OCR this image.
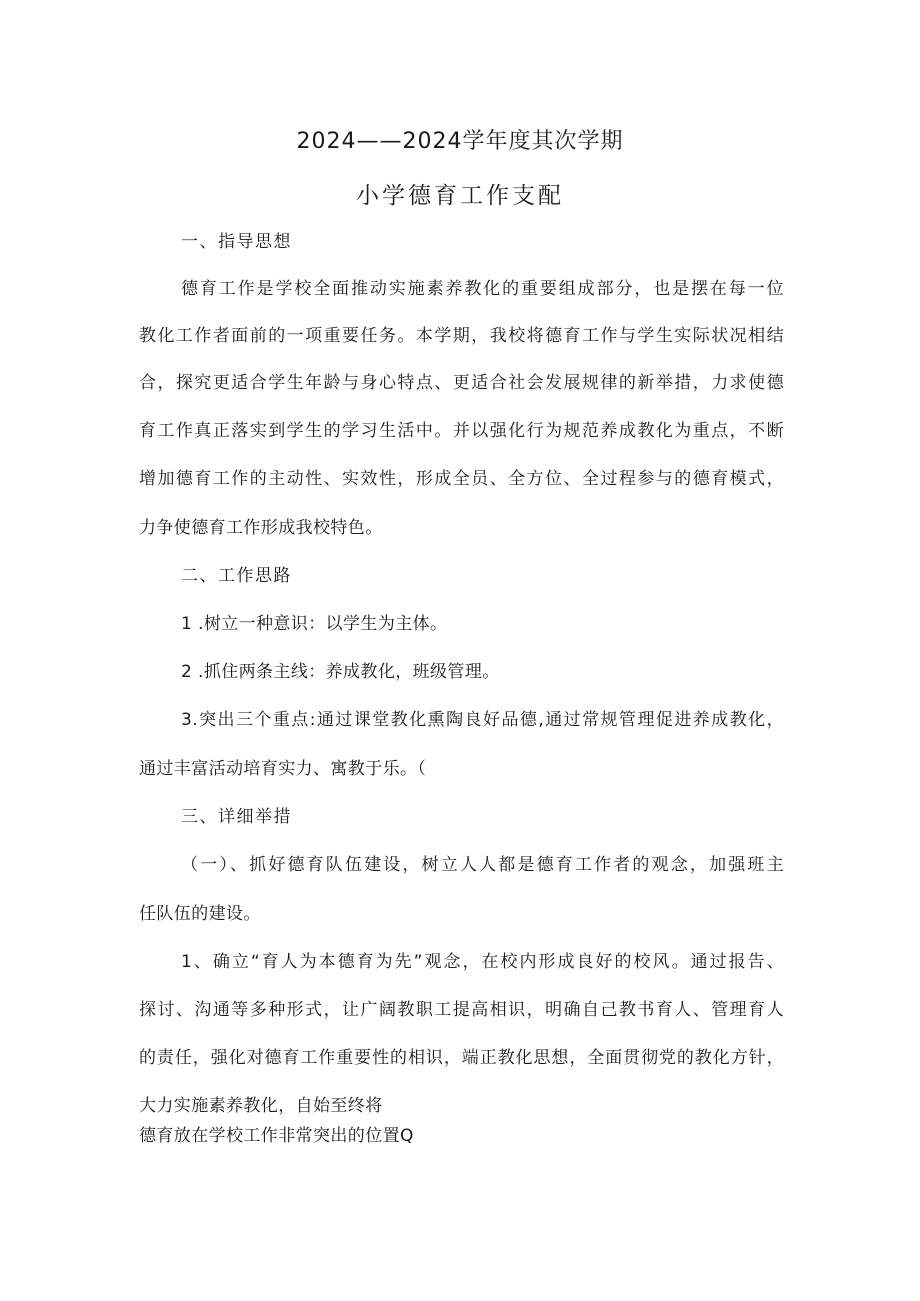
2024——2024学年度其次学期
小学德育工作支配
一、指导思想
德育工作是学校全面推动实施素养教化的重要组成部分，也是摆在每一位
教化工作者面前的一项重要任务。本学期，我校将德育工作与学生实际状况相结
合，探究更适合学生年龄与身心特点、更适合社会发展规律的新举措，力求使德
育工作真正落实到学生的学习生活中。并以强化行为规范养成教化为重点，不断
增加德育工作的主动性、实效性，形成全员、全方位、全过程参与的德育模式，
力争使德育工作形成我校特色。
二、工作思路
1 .树立一种意识：以学生为主体。
2 .抓住两条主线：养成教化，班级管理。
3.突出三个重点:通过课堂教化熏陶良好品德,通过常规管理促进养成教化，
通过丰富活动培育实力、寓教于乐。（
三、详细举措
（一）、抓好德育队伍建设，树立人人都是德育工作者的观念，加强班主
任队伍的建设。
1、确立“育人为本德育为先”观念，在校内形成良好的校风。通过报告、
探讨、沟通等多种形式，让广阔教职工提高相识，明确自己教书育人、管理育人
的责任，强化对德育工作重要性的相识，端正教化思想，全面贯彻党的教化方针，
大力实施素养教化，自始至终将
德育放在学校工作非常突出的位置Q
